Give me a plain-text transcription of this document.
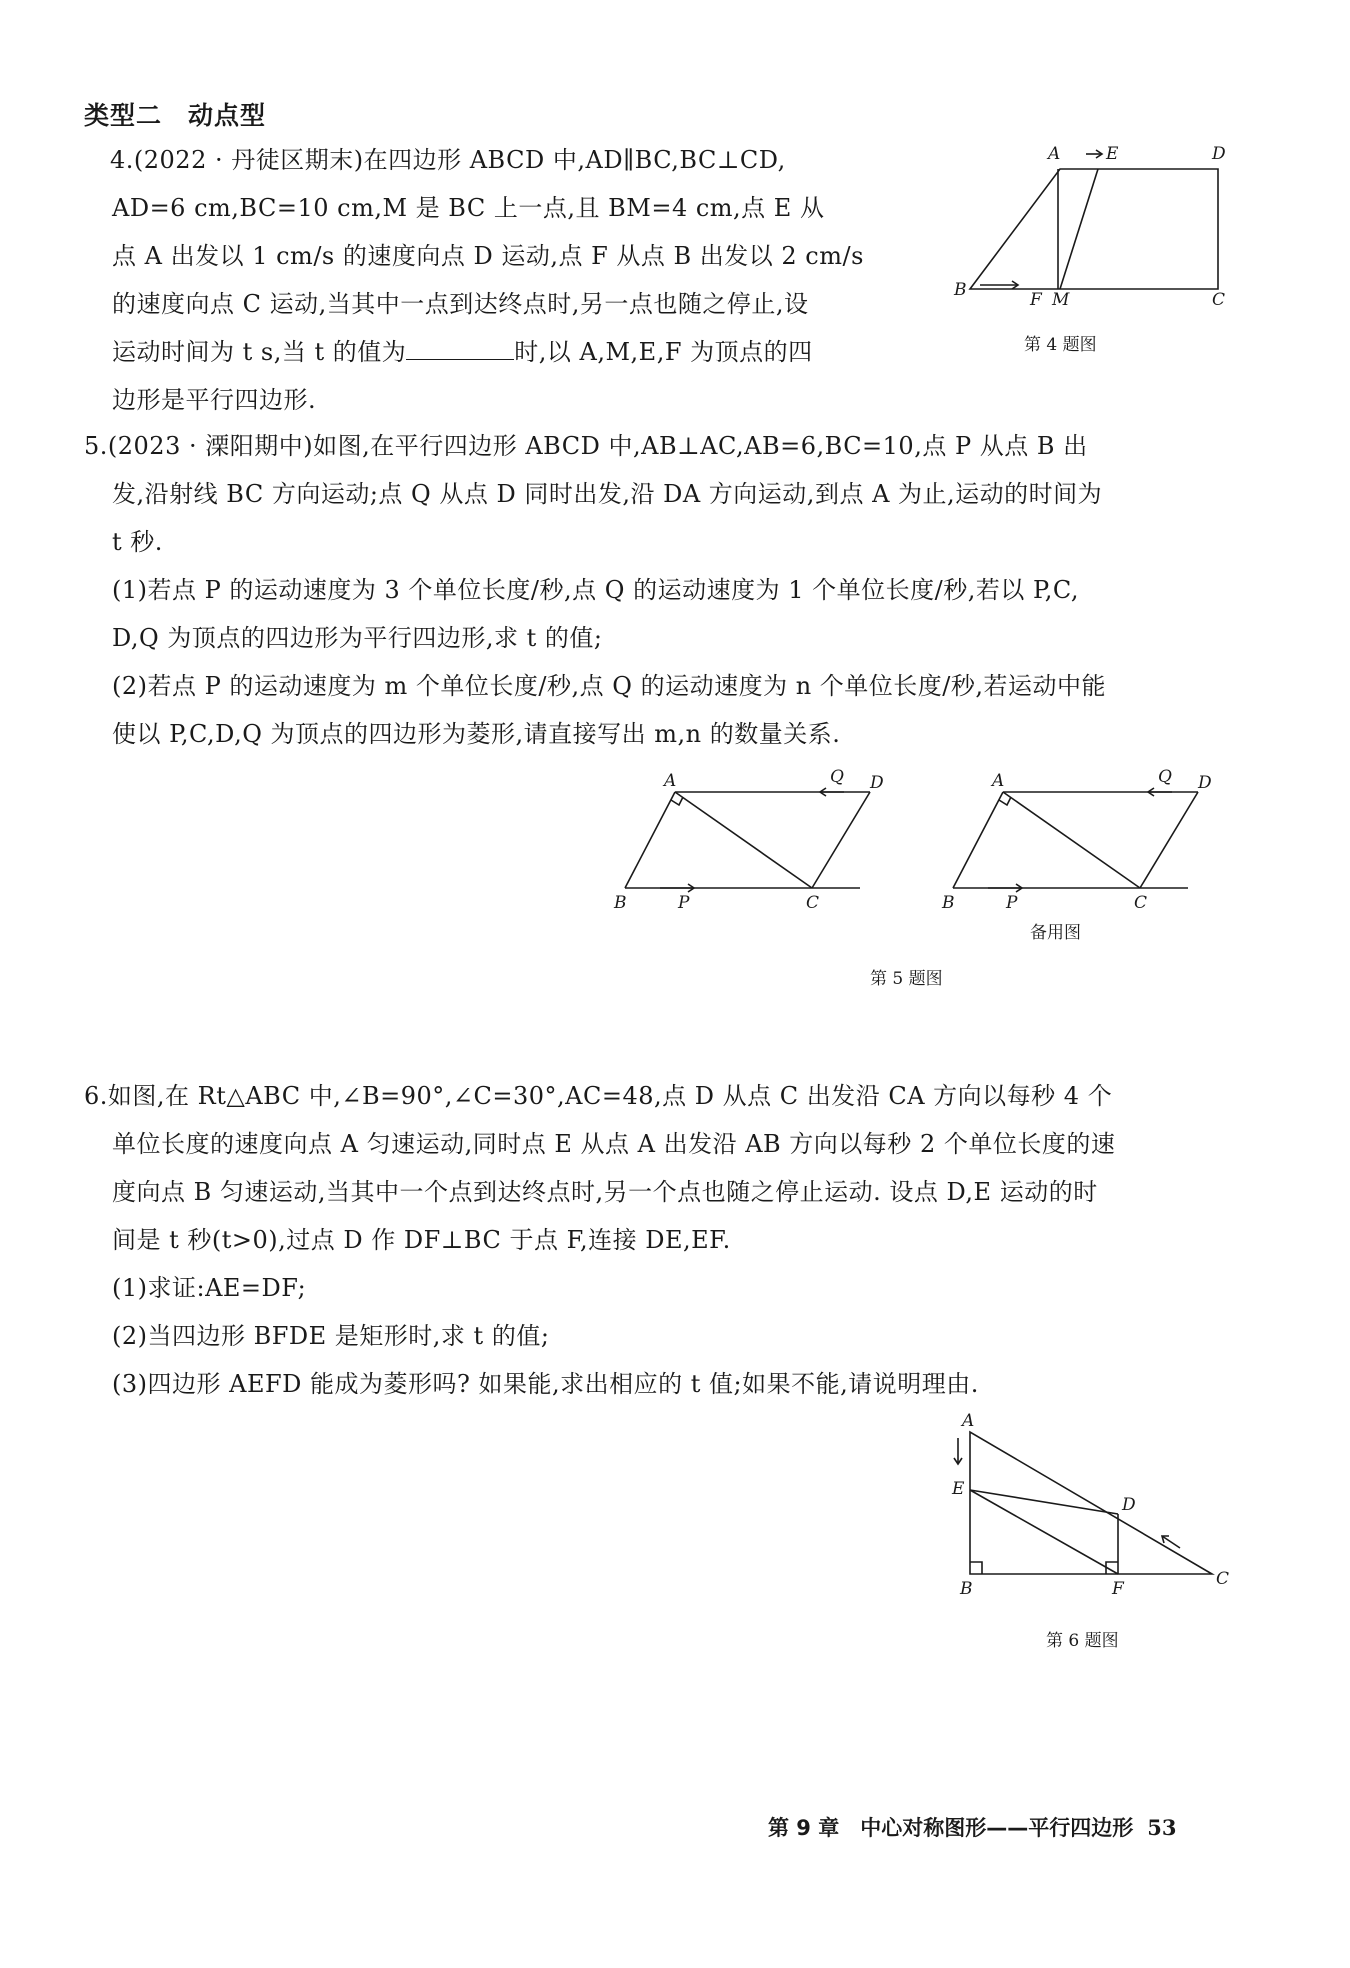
类型二　动点型
4.(2022 · 丹徒区期末)在四边形 ABCD 中,AD∥BC,BC⊥CD,
AD=6 cm,BC=10 cm,M 是 BC 上一点,且 BM=4 cm,点 E 从
点 A 出发以 1 cm/s 的速度向点 D 运动,点 F 从点 B 出发以 2 cm/s
的速度向点 C 运动,当其中一点到达终点时,另一点也随之停止,设
运动时间为 t s,当 t 的值为	时,以 A,M,E,F 为顶点的四
边形是平行四边形.
A	E	D
B	F M	C
第 4 题图
5.(2023 · 溧阳期中)如图,在平行四边形 ABCD 中,AB⊥AC,AB=6,BC=10,点 P 从点 B 出
发,沿射线 BC 方向运动;点 Q 从点 D 同时出发,沿 DA 方向运动,到点 A 为止,运动的时间为
t 秒.
(1)若点 P 的运动速度为 3 个单位长度/秒,点 Q 的运动速度为 1 个单位长度/秒,若以 P,C,
D,Q 为顶点的四边形为平行四边形,求 t 的值;
(2)若点 P 的运动速度为 m 个单位长度/秒,点 Q 的运动速度为 n 个单位长度/秒,若运动中能
使以 P,C,D,Q 为顶点的四边形为菱形,请直接写出 m,n 的数量关系.
A	Q D
B	P	C
A	Q D
B	P	C
备用图
第 5 题图
6.如图,在 Rt△ABC 中,∠B=90°,∠C=30°,AC=48,点 D 从点 C 出发沿 CA 方向以每秒 4 个
单位长度的速度向点 A 匀速运动,同时点 E 从点 A 出发沿 AB 方向以每秒 2 个单位长度的速
度向点 B 匀速运动,当其中一个点到达终点时,另一个点也随之停止运动. 设点 D,E 运动的时
间是 t 秒(t>0),过点 D 作 DF⊥BC 于点 F,连接 DE,EF.
(1)求证:AE=DF;
(2)当四边形 BFDE 是矩形时,求 t 的值;
(3)四边形 AEFD 能成为菱形吗? 如果能,求出相应的 t 值;如果不能,请说明理由.
A
E
D
B	F	C
第 6 题图
第 9 章　中心对称图形——平行四边形 53
